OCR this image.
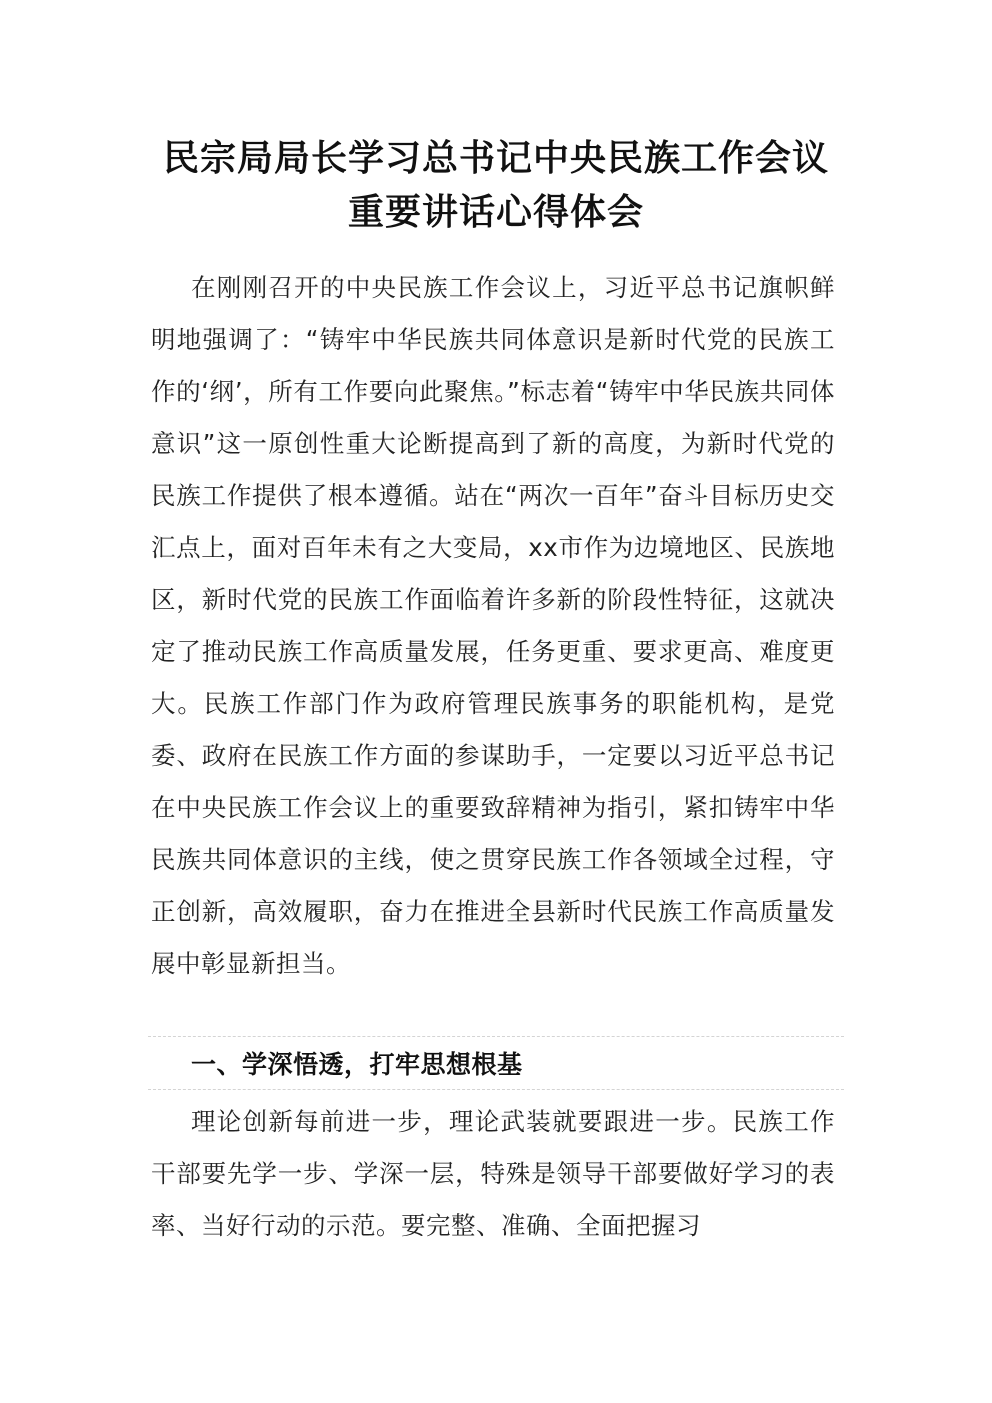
民宗局局长学习总书记中央民族工作会议
重要讲话心得体会

在刚刚召开的中央民族工作会议上，习近平总书记旗帜鲜明地强调了：“铸牢中华民族共同体意识是新时代党的民族工作的‘纲’，所有工作要向此聚焦。”标志着“铸牢中华民族共同体意识”这一原创性重大论断提高到了新的高度，为新时代党的民族工作提供了根本遵循。站在“两次一百年”奋斗目标历史交汇点上，面对百年未有之大变局，xx市作为边境地区、民族地区，新时代党的民族工作面临着许多新的阶段性特征，这就决定了推动民族工作高质量发展，任务更重、要求更高、难度更大。民族工作部门作为政府管理民族事务的职能机构，是党委、政府在民族工作方面的参谋助手，一定要以习近平总书记在中央民族工作会议上的重要致辞精神为指引，紧扣铸牢中华民族共同体意识的主线，使之贯穿民族工作各领域全过程，守正创新，高效履职，奋力在推进全县新时代民族工作高质量发展中彰显新担当。

一、学深悟透，打牢思想根基

理论创新每前进一步，理论武装就要跟进一步。民族工作干部要先学一步、学深一层，特殊是领导干部要做好学习的表率、当好行动的示范。要完整、准确、全面把握习
